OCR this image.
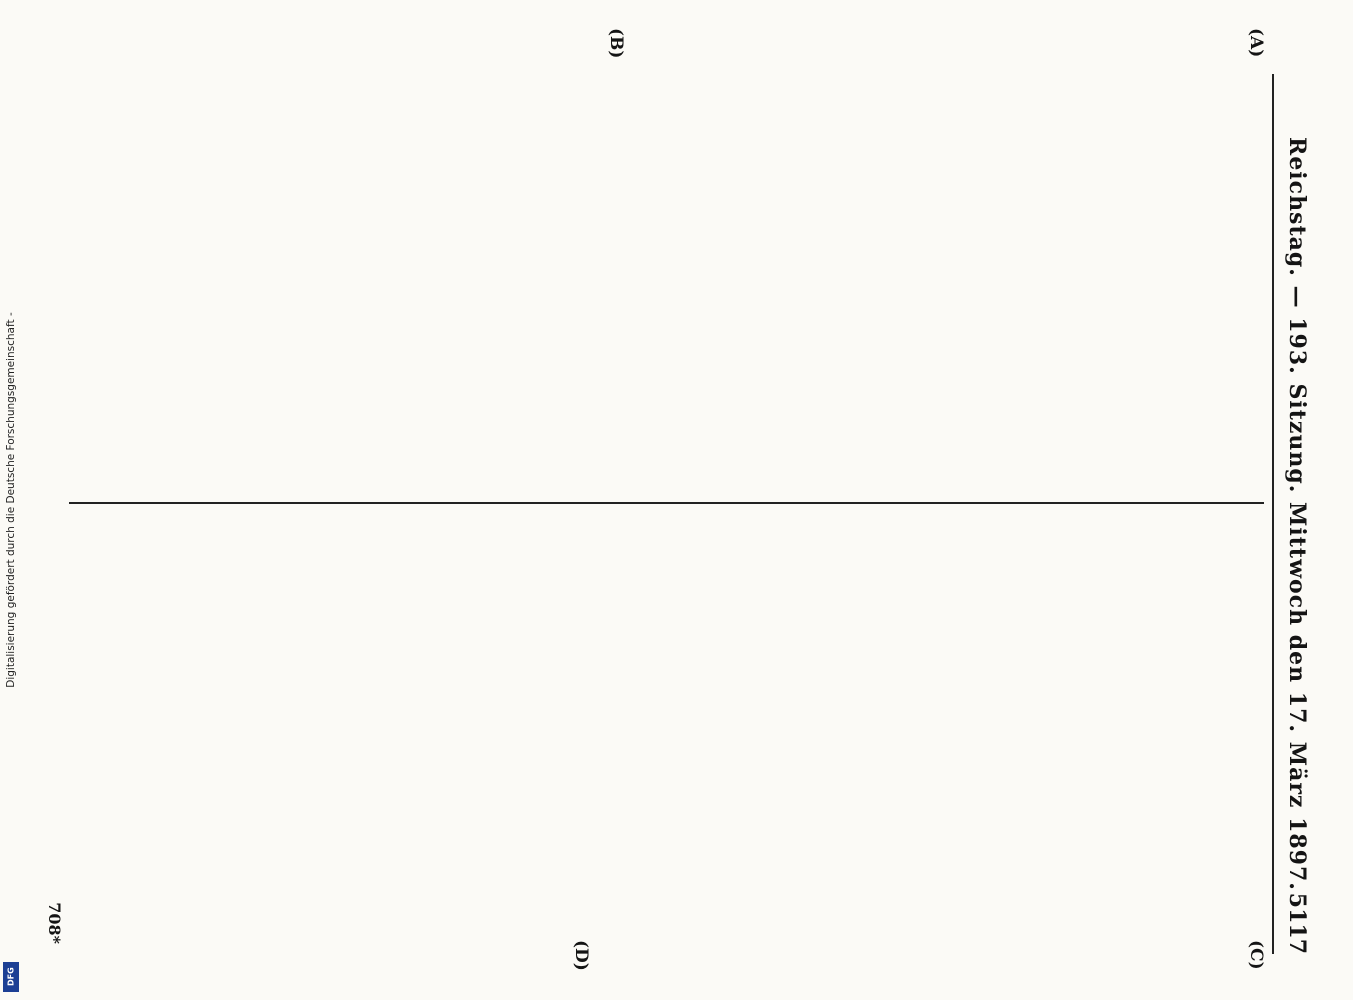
Digitalisierung gefördert durch die Deutsche Forschungsgemeinschaft -
DFG
Reichstag. — 193. Sitzung. Mittwoch den 17. März 1897.
5117
(A)
(B)
(C)
(D)
708*
